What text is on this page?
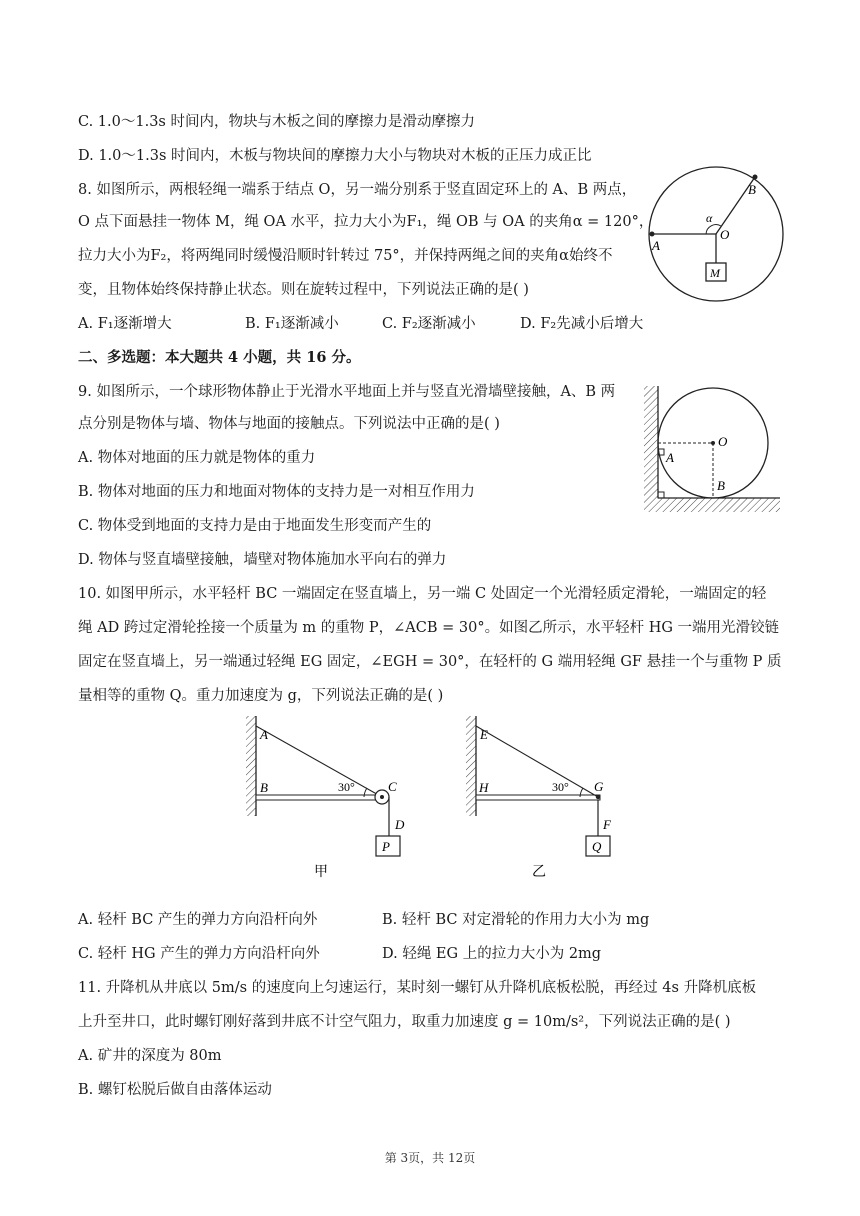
C. 1.0～1.3s 时间内，物块与木板之间的摩擦力是滑动摩擦力
D. 1.0～1.3s 时间内，木板与物块间的摩擦力大小与物块对木板的正压力成正比
8. 如图所示，两根轻绳一端系于结点 O，另一端分别系于竖直固定环上的 A、B 两点，
O 点下面悬挂一物体 M，绳 OA 水平，拉力大小为F₁，绳 OB 与 OA 的夹角α = 120°，
拉力大小为F₂，将两绳同时缓慢沿顺时针转过 75°，并保持两绳之间的夹角α始终不
变，且物体始终保持静止状态。则在旋转过程中，下列说法正确的是( )
A. F₁逐渐增大	B. F₁逐渐减小	C. F₂逐渐减小	D. F₂先减小后增大
A
B
O
α
M
二、多选题：本大题共 4 小题，共 16 分。
9. 如图所示，一个球形物体静止于光滑水平地面上并与竖直光滑墙壁接触，A、B 两
点分别是物体与墙、物体与地面的接触点。下列说法中正确的是( )
A. 物体对地面的压力就是物体的重力
B. 物体对地面的压力和地面对物体的支持力是一对相互作用力
C. 物体受到地面的支持力是由于地面发生形变而产生的
D. 物体与竖直墙壁接触，墙壁对物体施加水平向右的弹力
O
A
B
10. 如图甲所示，水平轻杆 BC 一端固定在竖直墙上，另一端 C 处固定一个光滑轻质定滑轮，一端固定的轻
绳 AD 跨过定滑轮拴接一个质量为 m 的重物 P，∠ACB = 30°。如图乙所示，水平轻杆 HG 一端用光滑铰链
固定在竖直墙上，另一端通过轻绳 EG 固定，∠EGH = 30°，在轻杆的 G 端用轻绳 GF 悬挂一个与重物 P 质
量相等的重物 Q。重力加速度为 g，下列说法正确的是( )
A
B	C
D
P
30°
甲
E
H	G
F
Q
30°
乙
A. 轻杆 BC 产生的弹力方向沿杆向外	B. 轻杆 BC 对定滑轮的作用力大小为 mg
C. 轻杆 HG 产生的弹力方向沿杆向外	D. 轻绳 EG 上的拉力大小为 2mg
11. 升降机从井底以 5m/s 的速度向上匀速运行，某时刻一螺钉从升降机底板松脱，再经过 4s 升降机底板
上升至井口，此时螺钉刚好落到井底不计空气阻力，取重力加速度 g = 10m/s²，下列说法正确的是( )
A. 矿井的深度为 80m
B. 螺钉松脱后做自由落体运动
第 3页，共 12页
